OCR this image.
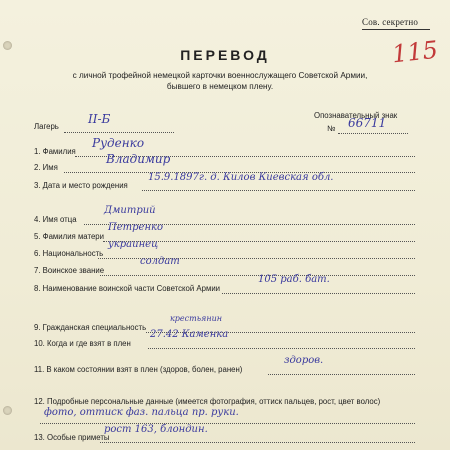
Сов. секретно
115
ПЕРЕВОД
с личной трофейной немецкой карточки военнослужащего Советской Армии,
бывшего в немецком плену.
Лагерь
II-Б	Опознавательный знак
№ 66711
1. Фамилия
Руденко
2. Имя
Владимир
3. Дата и место рождения
15.9.1897г. д. Килов Киевская обл.
4. Имя отца
Дмитрий
5. Фамилия матери
Петренко
6. Национальность
украинец
7. Воинское звание
солдат
8. Наименование воинской части Советской Армии
105 раб. бат.
9. Гражданская специальность
крестьянин
10. Когда и где взят в плен
27.42 Каменка
11. В каком состоянии взят в плен (здоров, болен, ранен)
здоров.
12. Подробные персональные данные (имеется фотография, оттиск пальцев, рост, цвет волос)
фото, оттиск фаз. пальца пр. руки.
13. Особые приметы
рост 163, блондин.
